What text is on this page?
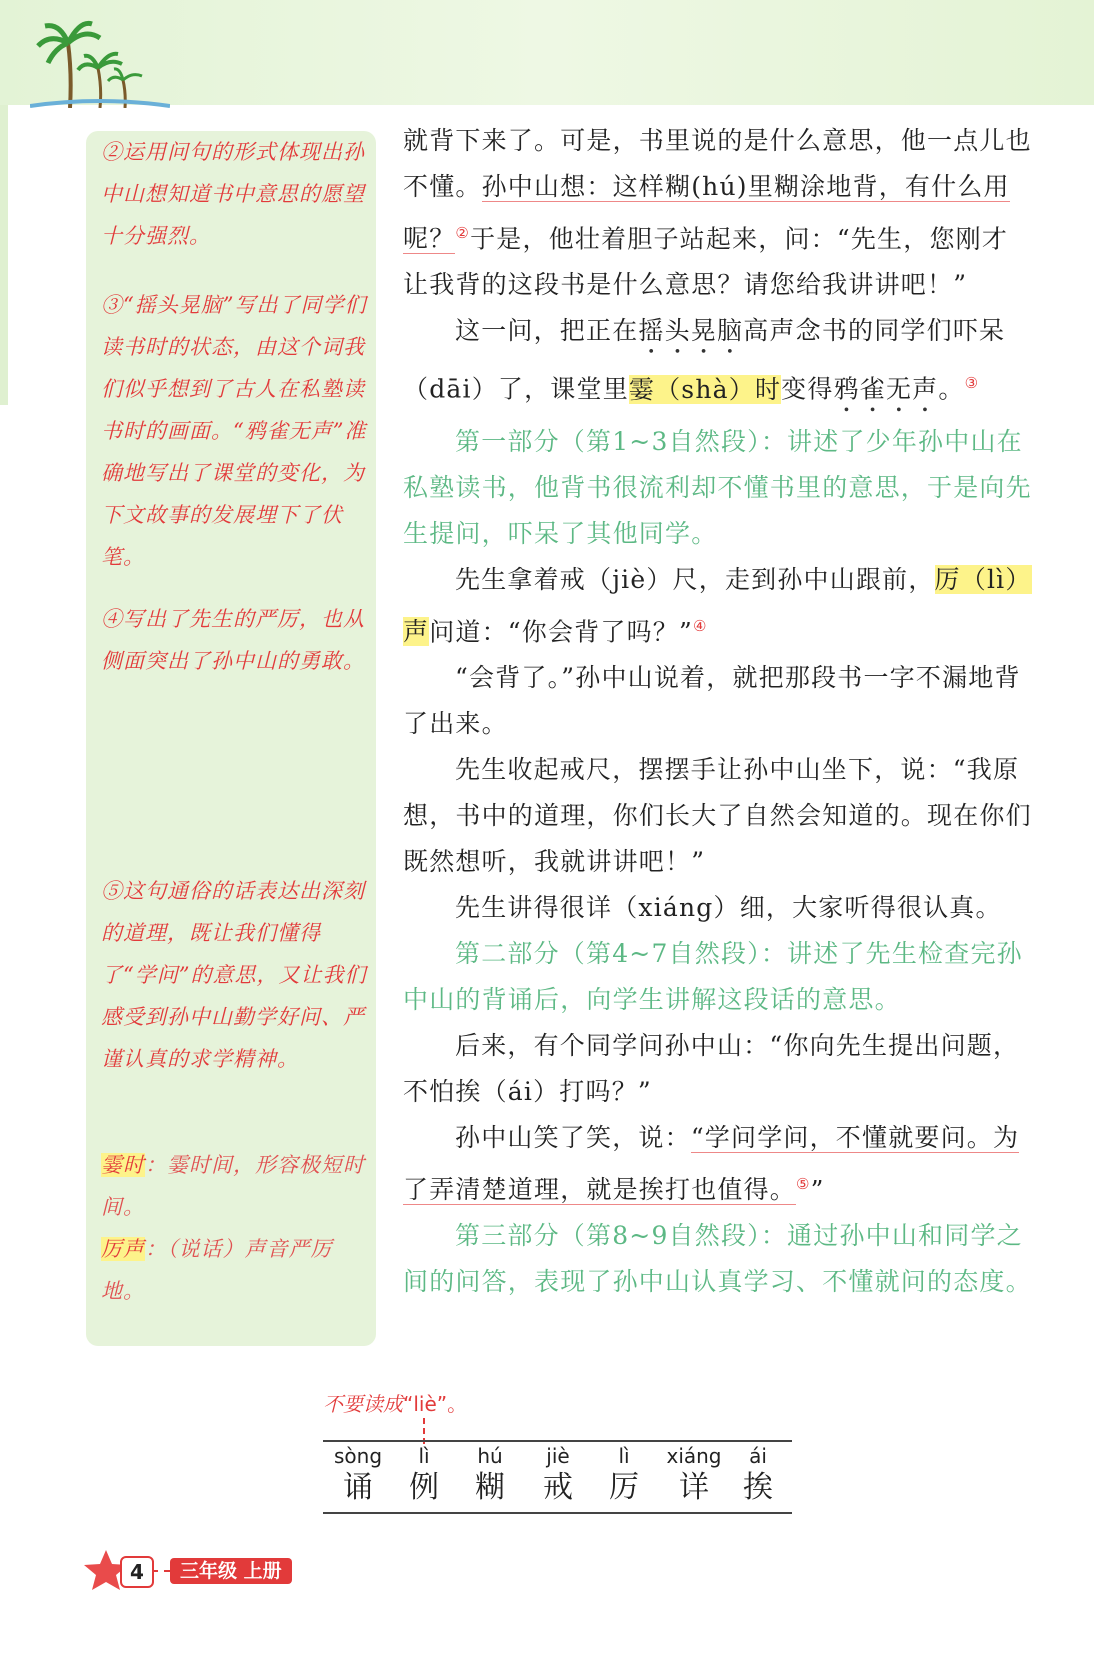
②运用问句的形式体现出孙中山想知道书中意思的愿望十分强烈。
③“摇头晃脑”写出了同学们读书时的状态，由这个词我们似乎想到了古人在私塾读书时的画面。“鸦雀无声”准确地写出了课堂的变化，为下文故事的发展埋下了伏笔。
④写出了先生的严厉，也从侧面突出了孙中山的勇敢。
⑤这句通俗的话表达出深刻的道理，既让我们懂得了“学问”的意思，又让我们感受到孙中山勤学好问、严谨认真的求学精神。
霎时：霎时间，形容极短时间。
厉声：（说话）声音严厉地。

就背下来了。可是，书里说的是什么意思，他一点儿也不懂。孙中山想：这样糊(hú)里糊涂地背，有什么用呢？②于是，他壮着胆子站起来，问：“先生，您刚才让我背的这段书是什么意思？请您给我讲讲吧！”

这一问，把正在摇头晃脑高声念书的同学们吓呆（dāi）了，课堂里霎（shà）时变得鸦雀无声。③

第一部分（第1~3自然段）：讲述了少年孙中山在私塾读书，他背书很流利却不懂书里的意思，于是向先生提问，吓呆了其他同学。

先生拿着戒（jiè）尺，走到孙中山跟前，厉（lì）声问道：“你会背了吗？”④

“会背了。”孙中山说着，就把那段书一字不漏地背了出来。

先生收起戒尺，摆摆手让孙中山坐下，说：“我原想，书中的道理，你们长大了自然会知道的。现在你们既然想听，我就讲讲吧！”

先生讲得很详（xiáng）细，大家听得很认真。

第二部分（第4~7自然段）：讲述了先生检查完孙中山的背诵后，向学生讲解这段话的意思。

后来，有个同学问孙中山：“你向先生提出问题，不怕挨（ái）打吗？”

孙中山笑了笑，说：“学问学问，不懂就要问。为了弄清楚道理，就是挨打也值得。⑤”

第三部分（第8~9自然段）：通过孙中山和同学之间的问答，表现了孙中山认真学习、不懂就问的态度。

不要读成“liè”。
sòng
诵
lì
例
hú
糊
jiè
戒
lì
厉
xiáng
详
ái
挨
4	三年级 上册
